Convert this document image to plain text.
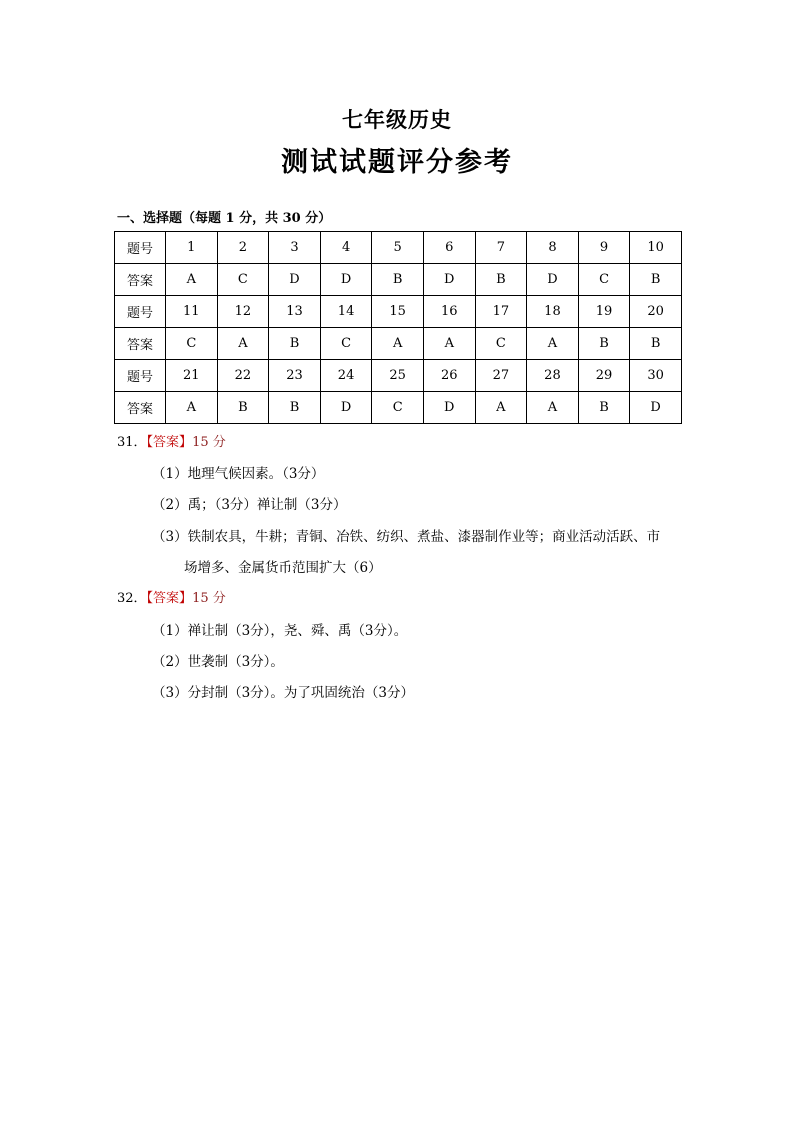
七年级历史
测试试题评分参考
一、选择题（每题 1 分，共 30 分）
题号	1	2	3	4	5	6	7	8	9	10
答案	A	C	D	D	B	D	B	D	C	B
题号	11	12	13	14	15	16	17	18	19	20
答案	C	A	B	C	A	A	C	A	B	B
题号	21	22	23	24	25	26	27	28	29	30
答案	A	B	B	D	C	D	A	A	B	D
31．【答案】15 分
（1）地理气候因素。（3分）
（2）禹；（3分）禅让制（3分）
（3）铁制农具，牛耕；青铜、冶铁、纺织、煮盐、漆器制作业等；商业活动活跃、市
场增多、金属货币范围扩大（6）
32．【答案】15 分
（1）禅让制（3分），尧、舜、禹（3分）。
（2）世袭制（3分）。
（3）分封制（3分）。为了巩固统治（3分）
